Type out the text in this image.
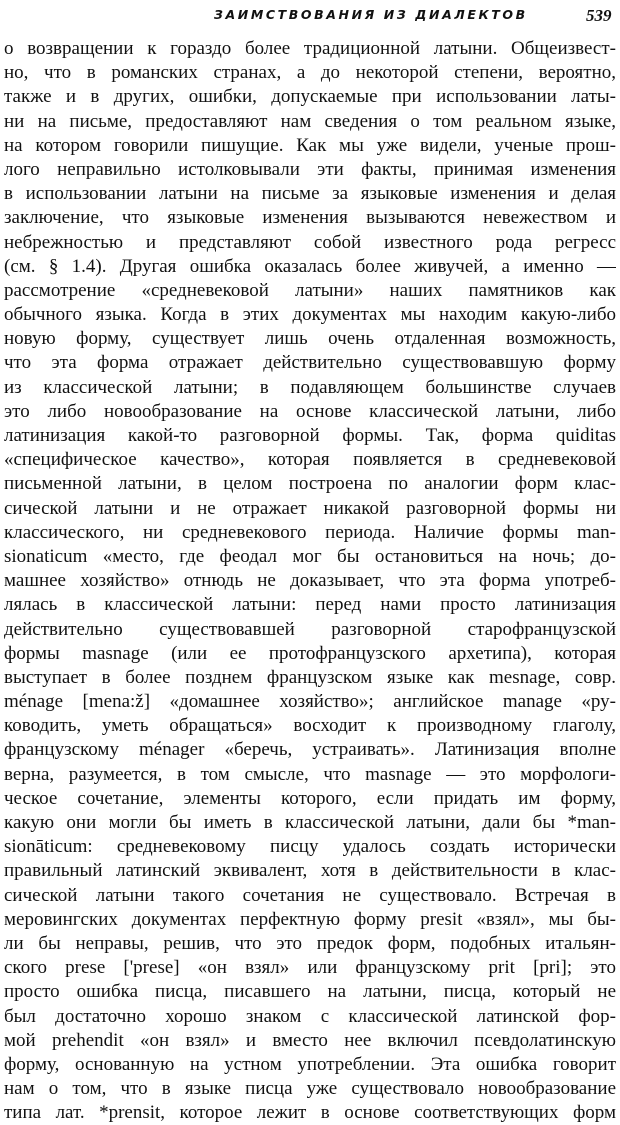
ЗАИМСТВОВАНИЯ ИЗ ДИАЛЕКТОВ	539
о возвращении к гораздо более традиционной латыни. Общеизвест-
но, что в романских странах, а до некоторой степени, вероятно,
также и в других, ошибки, допускаемые при использовании латы-
ни на письме, предоставляют нам сведения о том реальном языке,
на котором говорили пишущие. Как мы уже видели, ученые прош-
лого неправильно истолковывали эти факты, принимая изменения
в использовании латыни на письме за языковые изменения и делая
заключение, что языковые изменения вызываются невежеством и
небрежностью и представляют собой известного рода регресс
(см. § 1.4). Другая ошибка оказалась более живучей, а именно —
рассмотрение «средневековой латыни» наших памятников как
обычного языка. Когда в этих документах мы находим какую-либо
новую форму, существует лишь очень отдаленная возможность,
что эта форма отражает действительно существовавшую форму
из классической латыни; в подавляющем большинстве случаев
это либо новообразование на основе классической латыни, либо
латинизация какой-то разговорной формы. Так, форма quiditas
«специфическое качество», которая появляется в средневековой
письменной латыни, в целом построена по аналогии форм клас-
сической латыни и не отражает никакой разговорной формы ни
классического, ни средневекового периода. Наличие формы man-
sionaticum «место, где феодал мог бы остановиться на ночь; до-
машнее хозяйство» отнюдь не доказывает, что эта форма употреб-
лялась в классической латыни: перед нами просто латинизация
действительно существовавшей разговорной старофранцузской
формы masnage (или ее протофранцузского архетипа), которая
выступает в более позднем французском языке как mesnage, совр.
ménage [mena:ž] «домашнее хозяйство»; английское manage «ру-
ководить, уметь обращаться» восходит к производному глаголу,
французскому ménager «беречь, устраивать». Латинизация вполне
верна, разумеется, в том смысле, что masnage — это морфологи-
ческое сочетание, элементы которого, если придать им форму,
какую они могли бы иметь в классической латыни, дали бы *man-
sionāticum: средневековому писцу удалось создать исторически
правильный латинский эквивалент, хотя в действительности в клас-
сической латыни такого сочетания не существовало. Встречая в
меровингских документах перфектную форму presit «взял», мы бы-
ли бы неправы, решив, что это предок форм, подобных итальян-
ского prese ['prese] «он взял» или французскому prit [pri]; это
просто ошибка писца, писавшего на латыни, писца, который не
был достаточно хорошо знаком с классической латинской фор-
мой prehendit «он взял» и вместо нее включил псевдолатинскую
форму, основанную на устном употреблении. Эта ошибка говорит
нам о том, что в языке писца уже существовало новообразование
типа лат. *prensit, которое лежит в основе соответствующих форм
